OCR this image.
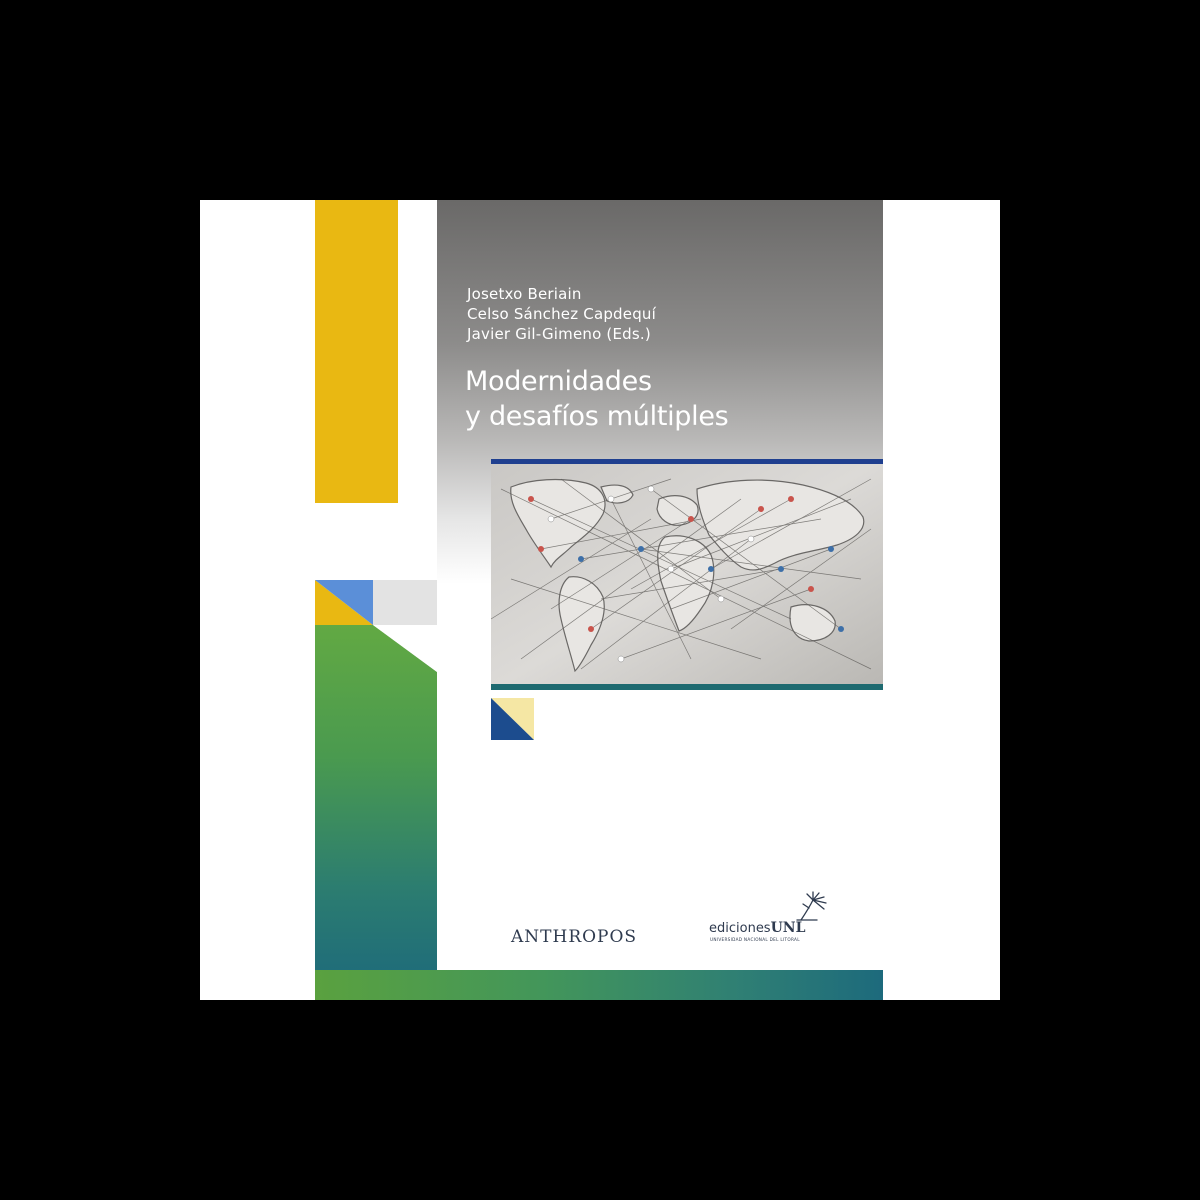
Josetxo Beriain
Celso Sánchez Capdequí
Javier Gil-Gimeno (Eds.)
Modernidades
y desafíos múltiples
ANTHROPOS	edicionesUNL
UNIVERSIDAD NACIONAL DEL LITORAL
